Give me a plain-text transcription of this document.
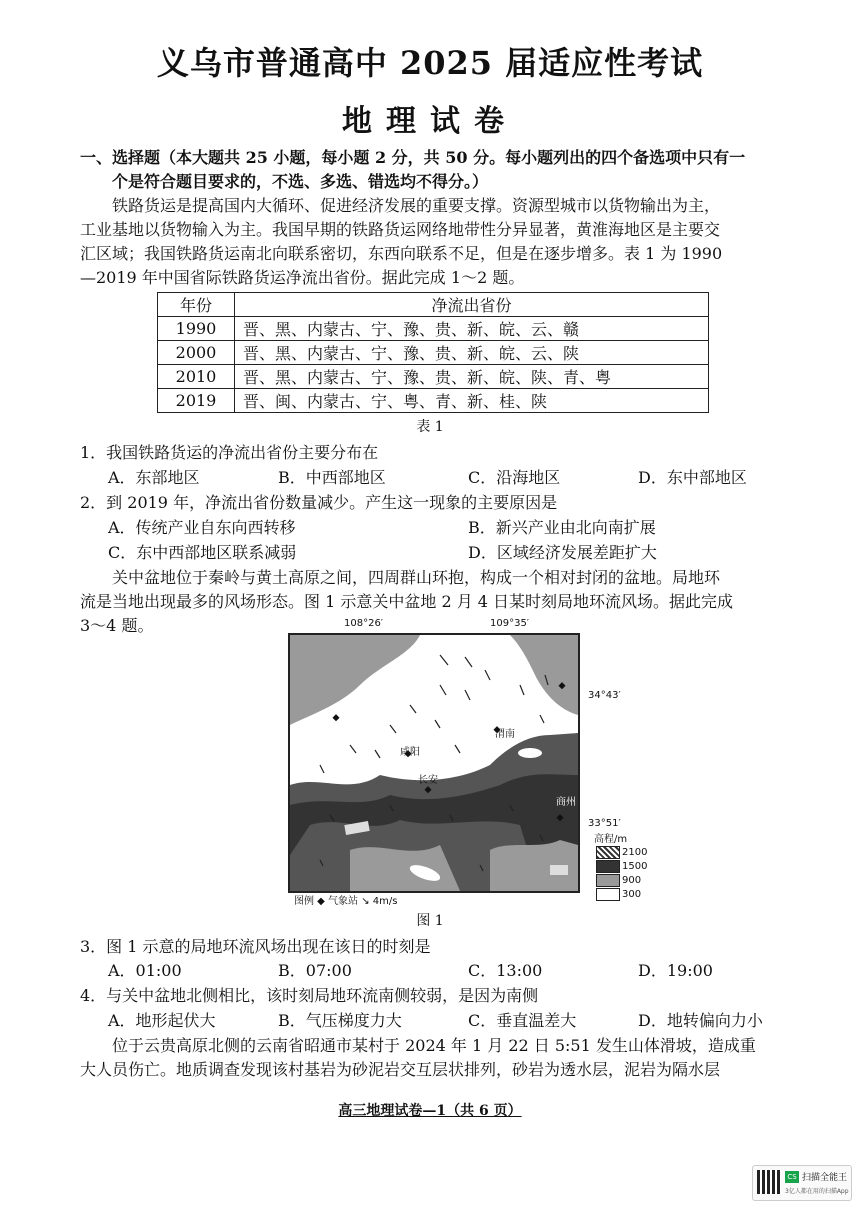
义乌市普通高中 2025 届适应性考试
地理试卷
一、选择题（本大题共 25 小题，每小题 2 分，共 50 分。每小题列出的四个备选项中只有一
个是符合题目要求的，不选、多选、错选均不得分。）
铁路货运是提高国内大循环、促进经济发展的重要支撑。资源型城市以货物输出为主，
工业基地以货物输入为主。我国早期的铁路货运网络地带性分异显著，黄淮海地区是主要交
汇区域；我国铁路货运南北向联系密切，东西向联系不足，但是在逐步增多。表 1 为 1990
—2019 年中国省际铁路货运净流出省份。据此完成 1～2 题。
年份	净流出省份
1990	晋、黑、内蒙古、宁、豫、贵、新、皖、云、赣
2000	晋、黑、内蒙古、宁、豫、贵、新、皖、云、陕
2010	晋、黑、内蒙古、宁、豫、贵、新、皖、陕、青、粤
2019	晋、闽、内蒙古、宁、粤、青、新、桂、陕
表 1
1．我国铁路货运的净流出省份主要分布在
A．东部地区	B．中西部地区	C．沿海地区	D．东中部地区
2．到 2019 年，净流出省份数量减少。产生这一现象的主要原因是
A．传统产业自东向西转移	B．新兴产业由北向南扩展
C．东中西部地区联系减弱	D．区域经济发展差距扩大
关中盆地位于秦岭与黄土高原之间，四周群山环抱，构成一个相对封闭的盆地。局地环
流是当地出现最多的风场形态。图 1 示意关中盆地 2 月 4 日某时刻局地环流风场。据此完成
3～4 题。	108°26′	109°35′
34°43′
33°51′
铜川
渭南
咸阳
长安
商州
高程/m
2100
1500
900
300
图例 ◆ 气象站 ↘ 4m/s
图 1
3．图 1 示意的局地环流风场出现在该日的时刻是
A．01:00	B．07:00	C．13:00	D．19:00
4．与关中盆地北侧相比，该时刻局地环流南侧较弱，是因为南侧
A．地形起伏大	B．气压梯度力大	C．垂直温差大	D．地转偏向力小
位于云贵高原北侧的云南省昭通市某村于 2024 年 1 月 22 日 5:51 发生山体滑坡，造成重
大人员伤亡。地质调查发现该村基岩为砂泥岩交互层状排列，砂岩为透水层，泥岩为隔水层
高三地理试卷—1（共 6 页）
CS 扫描全能王
3亿人都在用的扫描App
